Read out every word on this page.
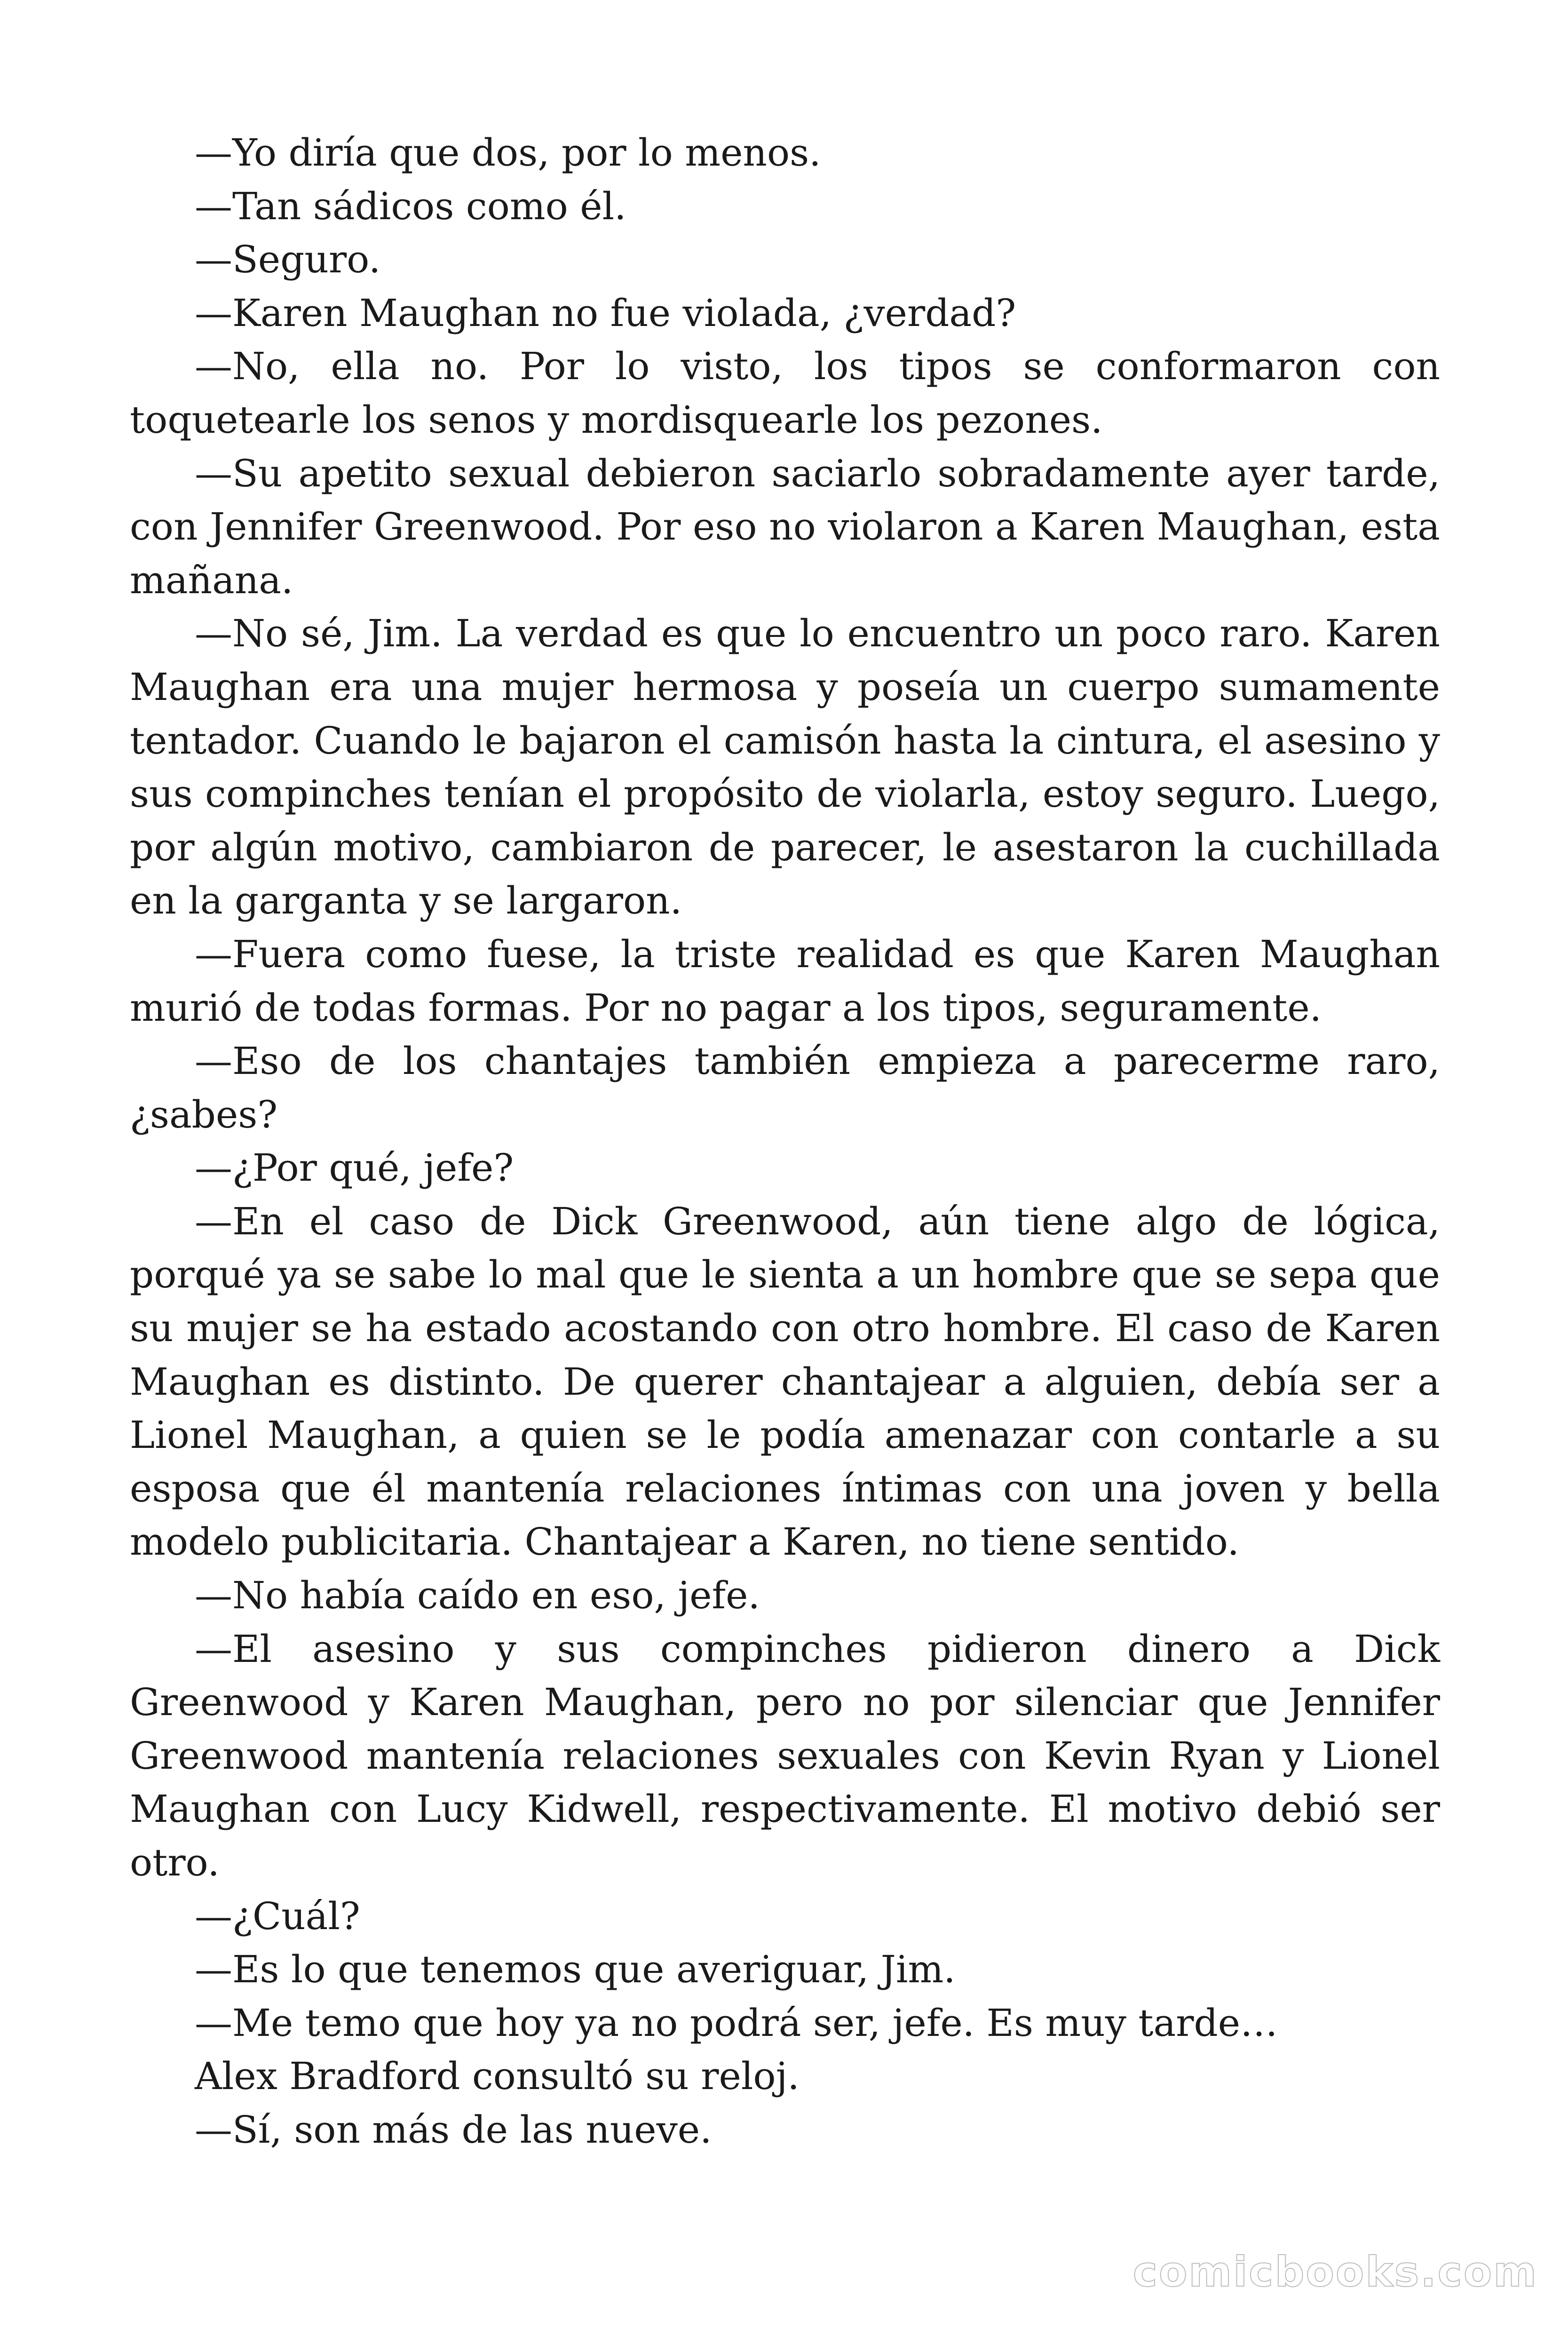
—Yo diría que dos, por lo menos.

—Tan sádicos como él.

—Seguro.

—Karen Maughan no fue violada, ¿verdad?

—No, ella no. Por lo visto, los tipos se conformaron con toquetearle los senos y mordisquearle los pezones.

—Su apetito sexual debieron saciarlo sobradamente ayer tarde, con Jennifer Greenwood. Por eso no violaron a Karen Maughan, esta mañana.

—No sé, Jim. La verdad es que lo encuentro un poco raro. Karen Maughan era una mujer hermosa y poseía un cuerpo sumamente tentador. Cuando le bajaron el camisón hasta la cintura, el asesino y sus compinches tenían el propósito de violarla, estoy seguro. Luego, por algún motivo, cambiaron de parecer, le asestaron la cuchillada en la garganta y se largaron.

—Fuera como fuese, la triste realidad es que Karen Maughan murió de todas formas. Por no pagar a los tipos, seguramente.

—Eso de los chantajes también empieza a parecerme raro, ¿sabes?

—¿Por qué, jefe?

—En el caso de Dick Greenwood, aún tiene algo de lógica, porqué ya se sabe lo mal que le sienta a un hombre que se sepa que su mujer se ha estado acostando con otro hombre. El caso de Karen Maughan es distinto. De querer chantajear a alguien, debía ser a Lionel Maughan, a quien se le podía amenazar con contarle a su esposa que él mantenía relaciones íntimas con una joven y bella modelo publicitaria. Chantajear a Karen, no tiene sentido.

—No había caído en eso, jefe.

—El asesino y sus compinches pidieron dinero a Dick Greenwood y Karen Maughan, pero no por silenciar que Jennifer Greenwood mantenía relaciones sexuales con Kevin Ryan y Lionel Maughan con Lucy Kidwell, respectivamente. El motivo debió ser otro.

—¿Cuál?

—Es lo que tenemos que averiguar, Jim.

—Me temo que hoy ya no podrá ser, jefe. Es muy tarde…

Alex Bradford consultó su reloj.

—Sí, son más de las nueve.

comicbooks.com
